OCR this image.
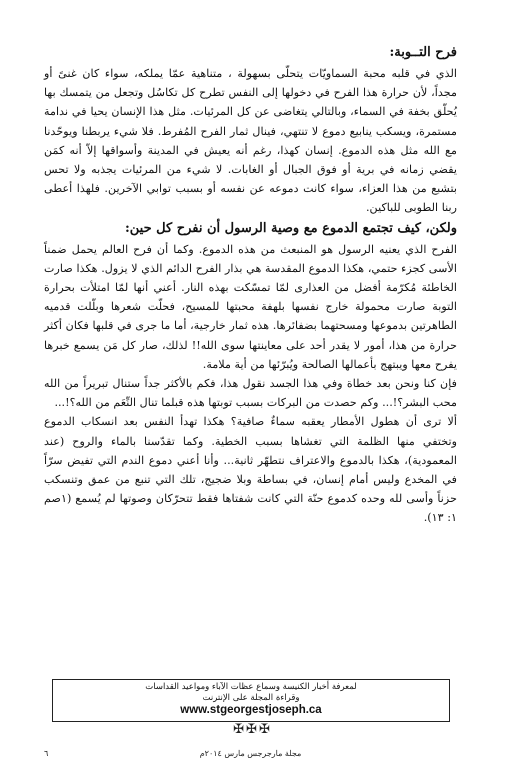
فرح التــوبة:

الذي في قلبه محبة السماويّات يتحلّى بسهولة ، متناهية عمّا يملكه، سواء كان غنىً أو مجداً، لأن حرارة هذا الفرح في دخولها إلى النفس تطرح كل تكاسُل وتجعل من يتمسك بها يُحلّق بخفة في السماء، وبالتالي يتغاضى عن كل المرئيات. مثل هذا الإنسان يحيا في ندامة مستمرة، ويسكب ينابيع دموع لا تنتهي، فينال ثمار الفرح المُفرط. فلا شيء يربطنا ويوحّدنا مع الله مثل هذه الدموع. إنسان كهذا، رغم أنه يعيش في المدينة وأسواقها إلاّ أنه كمَن يقضي زمانه في برية أو فوق الجبال أو الغابات. لا شيء من المرئيات يجذبه ولا تحس بتشبع من هذا العزاء، سواء كانت دموعه عن نفسه أو بسبب توابي الآخرين. فلهذا أعطى ربنا الطوبى للباكين.

ولكن، كيف تجتمع الدموع مع وصية الرسول أن نفرح كل حين:

الفرح الذي يعنيه الرسول هو المنبعث من هذه الدموع. وكما أن فرح العالم يحمل ضمناً الأسى كجزء حتمي، هكذا الدموع المقدسة هي بذار الفرح الدائم الذي لا يزول. هكذا صارت الخاطئة مُكرّمة أفضل من العذارى لمّا تمسّكت بهذه النار. أعني أنها لمّا امتلأت بحرارة التوبة صارت محمولة خارج نفسها بلهفة محبتها للمسيح، فحلّت شعرها وبلّلت قدميه الطاهرتين بدموعها ومسحتهما بضفائرها. هذه ثمار خارجية، أما ما جرى في قلبها فكان أكثر حرارة من هذا، أمور لا يقدر أحد على معاينتها سوى الله!! لذلك، صار كل مَن يسمع خبرها يفرح معها ويبتهج بأعمالها الصالحة ويُبرّئها من أية ملامة.

فإن كنا ونحن بعد خطاة وفي هذا الجسد نقول هذا، فكم بالأكثر جداً ستنال تبريراً من الله محب البشر؟!... وكم حصدت من البركات بسبب توبتها هذه قبلما تنال النِّعَم من الله؟!...

ألا ترى أن هطول الأمطار يعقبه سماءٌ صافية؟ هكذا تهدأ النفس بعد انسكاب الدموع وتختفي منها الظلمة التي تغشاها بسبب الخطية. وكما تقدّسنا بالماء والروح (عند المعمودية)، هكذا بالدموع والاعتراف نتطهّر ثانية... وأنا أعني دموع الندم التي تفيض سرّاً في المخدع وليس أمام إنسان، في بساطة وبلا ضجيج، تلك التي تنبع من عمق وتنسكب حزناً وأسى لله وحده كدموع حنّة التي كانت شفتاها فقط تتحرّكان وصوتها لم يُسمع (١صم ١: ١٣).

لمعرفة أخبار الكنيسة وسماع عظات الآباء ومواعيد القداسات
وقراءة المجلة على الإنترنت
www.stgeorgestjoseph.ca
✠✠✠
٦	مجلة مارجرجس مارس ٢٠١٤م
